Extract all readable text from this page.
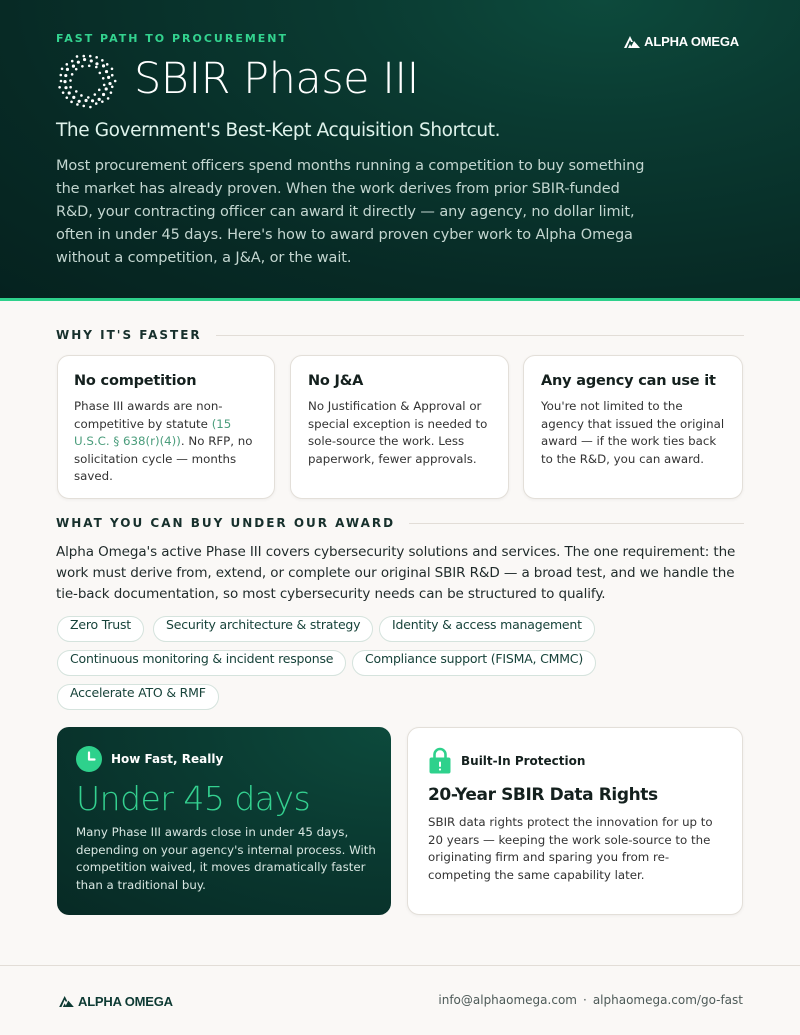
FAST PATH TO PROCUREMENT	ALPHA OMEGA
SBIR Phase III
The Government's Best-Kept Acquisition Shortcut.
Most procurement officers spend months running a competition to buy something the market has already proven. When the work derives from prior SBIR-funded R&D, your contracting officer can award it directly — any agency, no dollar limit, often in under 45 days. Here's how to award proven cyber work to Alpha Omega without a competition, a J&A, or the wait.
WHY IT'S FASTER
No competition

Phase III awards are non-competitive by statute (15 U.S.C. § 638(r)(4)). No RFP, no solicitation cycle — months saved.

No J&A

No Justification & Approval or special exception is needed to sole-source the work. Less paperwork, fewer approvals.

Any agency can use it

You're not limited to the agency that issued the original award — if the work ties back to the R&D, you can award.

WHAT YOU CAN BUY UNDER OUR AWARD
Alpha Omega's active Phase III covers cybersecurity solutions and services. The one requirement: the work must derive from, extend, or complete our original SBIR R&D — a broad test, and we handle the tie-back documentation, so most cybersecurity needs can be structured to qualify.
Zero Trust	Security architecture & strategy	Identity & access management
Continuous monitoring & incident response	Compliance support (FISMA, CMMC)
Accelerate ATO & RMF
How Fast, Really
Under 45 days

Many Phase III awards close in under 45 days, depending on your agency's internal process. With competition waived, it moves dramatically faster than a traditional buy.

Built-In Protection
20-Year SBIR Data Rights

SBIR data rights protect the innovation for up to 20 years — keeping the work sole-source to the originating firm and sparing you from re-competing the same capability later.

ALPHA OMEGA	info@alphaomega.com · alphaomega.com/go-fast
